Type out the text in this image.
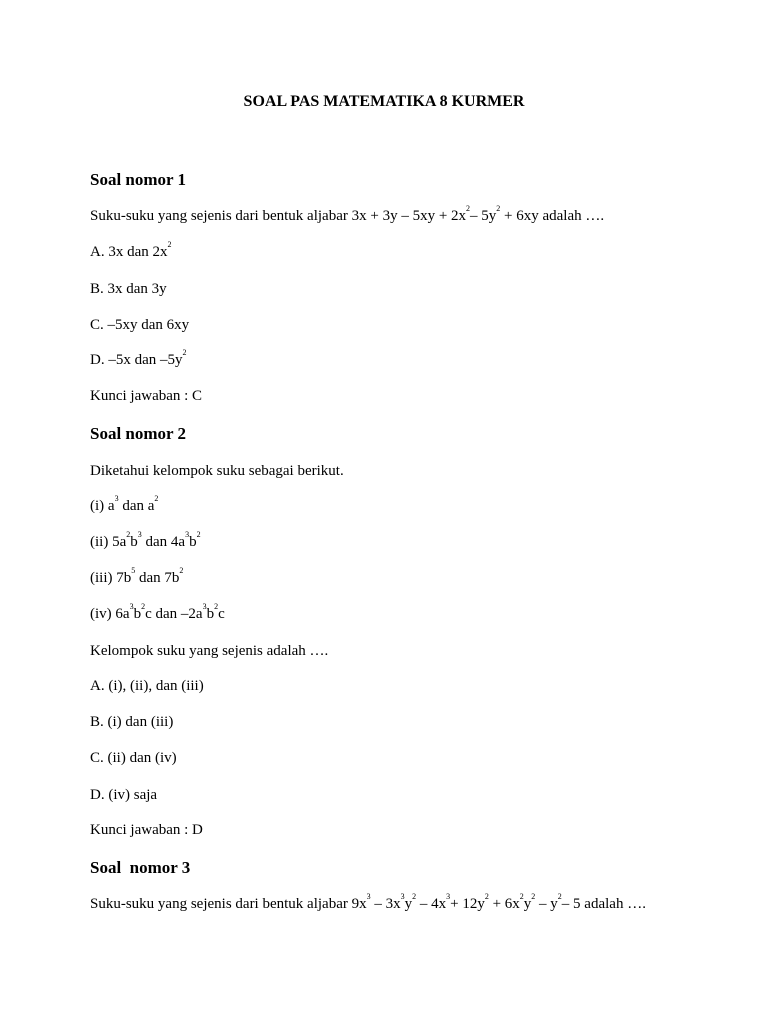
SOAL PAS MATEMATIKA 8 KURMER
Soal nomor 1
Suku-suku yang sejenis dari bentuk aljabar $3x + 3y - 5xy + 2x^2-$ $5y^2 + 6xy$ adalah ….
A. 3x dan $2x^2$
B. 3x dan 3y
C. –5xy dan 6xy
D. –5x dan $-5y^2$
Kunci jawaban : C
Soal nomor 2
Diketahui kelompok suku sebagai berikut.
(i) $a^3$ dan $a^2$
(ii) $5a^2b^3$ dan $4a^3b^2$
(iii) $7b^5$ dan $7b^2$
(iv) $6a^3b^2c$ dan $-2a^3b^2c$
Kelompok suku yang sejenis adalah ….
A. (i), (ii), dan (iii)
B. (i) dan (iii)
C. (ii) dan (iv)
D. (iv) saja
Kunci jawaban : D
Soal  nomor 3
Suku-suku yang sejenis dari bentuk aljabar $9x^3 - 3x^3y^2 - 4x^3+ 12y^2 + 6x^2y^2 - y^2-$ 5 adalah ….
